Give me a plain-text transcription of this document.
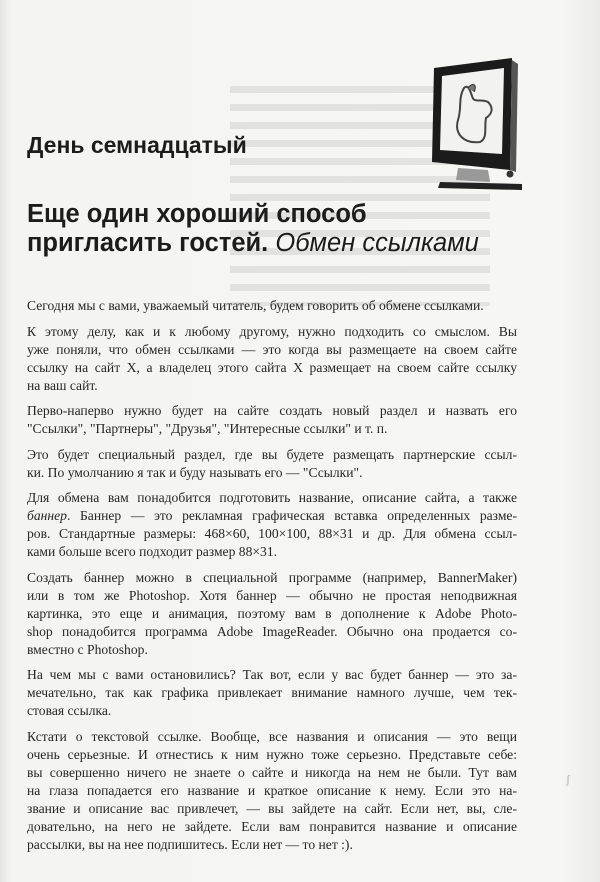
День семнадцатый
Еще один хороший способ
пригласить гостей. Обмен ссылками
Сегодня мы с вами, уважаемый читатель, будем говорить об обмене ссылками.
К этому делу, как и к любому другому, нужно подходить со смыслом. Вы
уже поняли, что обмен ссылками — это когда вы размещаете на своем сайте
ссылку на сайт X, а владелец этого сайта X размещает на своем сайте ссылку
на ваш сайт.
Перво-наперво нужно будет на сайте создать новый раздел и назвать его
"Ссылки", "Партнеры", "Друзья", "Интересные ссылки" и т. п.
Это будет специальный раздел, где вы будете размещать партнерские ссыл-
ки. По умолчанию я так и буду называть его — "Ссылки".
Для обмена вам понадобится подготовить название, описание сайта, а также
баннер. Баннер — это рекламная графическая вставка определенных разме-
ров. Стандартные размеры: 468×60, 100×100, 88×31 и др. Для обмена ссыл-
ками больше всего подходит размер 88×31.
Создать баннер можно в специальной программе (например, BannerMaker)
или в том же Photoshop. Хотя баннер — обычно не простая неподвижная
картинка, это еще и анимация, поэтому вам в дополнение к Adobe Photo-
shop понадобится программа Adobe ImageReader. Обычно она продается со-
вместно с Photoshop.
На чем мы с вами остановились? Так вот, если у вас будет баннер — это за-
мечательно, так как графика привлекает внимание намного лучше, чем тек-
стовая ссылка.
Кстати о текстовой ссылке. Вообще, все названия и описания — это вещи
очень серьезные. И отнестись к ним нужно тоже серьезно. Представьте себе:
вы совершенно ничего не знаете о сайте и никогда на нем не были. Тут вам
на глаза попадается его название и краткое описание к нему. Если это на-
звание и описание вас привлечет, — вы зайдете на сайт. Если нет, вы, сле-
довательно, на него не зайдете. Если вам понравится название и описание
рассылки, вы на нее подпишитесь. Если нет — то нет :).
ʃ
